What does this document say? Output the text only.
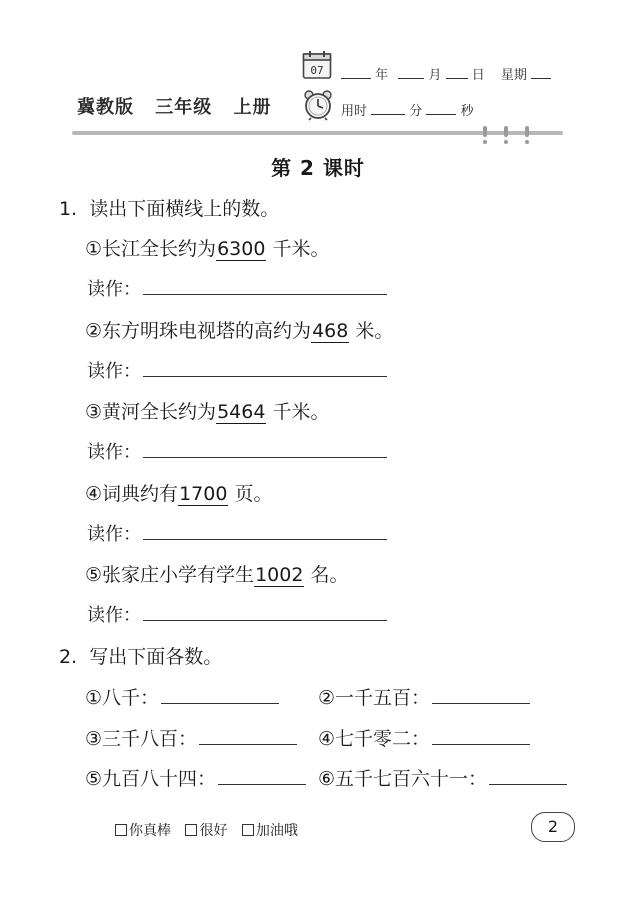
冀教版 三年级 上册
07	年	月 日 星期
用时	分	秒
第 2 课时
1. 读出下面横线上的数。
①长江全长约为6300 千米。
读作：
②东方明珠电视塔的高约为468 米。
读作：
③黄河全长约为5464 千米。
读作：
④词典约有1700 页。
读作：
⑤张家庄小学有学生1002 名。
读作：
2. 写出下面各数。
①八千：	②一千五百：
③三千八百：	④七千零二：
⑤九百八十四：	⑥五千七百六十一：
你真棒 很好 加油哦	2
